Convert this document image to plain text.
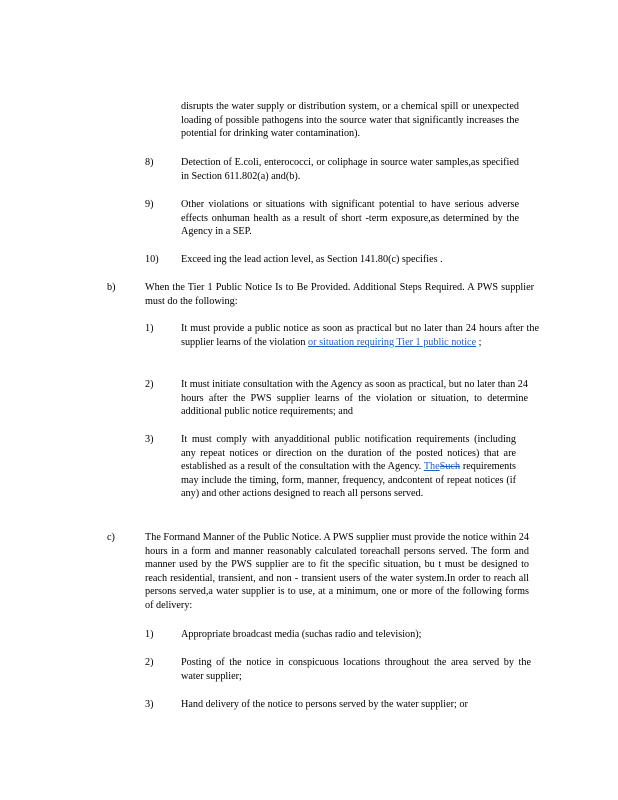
disrupts the water supply or distribution system, or a chemical spill or unexpected loading of possible pathogens into the source water that significantly increases the potential for drinking water contamination).
8)	Detection of E.coli, enterococci, or coliphage in source water samples,as specified in Section 611.802(a) and(b).
9)	Other violations or situations with significant potential to have serious adverse effects onhuman health as a result of short -term exposure,as determined by the Agency in a SEP.
10) Exceed ing the lead action level, as Section 141.80(c) specifies .
b)	When the Tier 1 Public Notice Is to Be Provided. Additional Steps Required. A PWS supplier must do the following:
1)	It must provide a public notice as soon as practical but no later than 24 hours after the supplier learns of the violation or situation requiring Tier 1 public notice ;
2)	It must initiate consultation with the Agency as soon as practical, but no later than 24 hours after the PWS supplier learns of the violation or situation, to determine additional public notice requirements; and
3)	It must comply with anyadditional public notification requirements (including any repeat notices or direction on the duration of the posted notices) that are established as a result of the consultation with the Agency. TheSuch requirements may include the timing, form, manner, frequency, andcontent of repeat notices (if any) and other actions designed to reach all persons served.
c)	The Formand Manner of the Public Notice. A PWS supplier must provide the notice within 24 hours in a form and manner reasonably calculated toreachall persons served. The form and manner used by the PWS supplier are to fit the specific situation, bu t must be designed to reach residential, transient, and non - transient users of the water system.In order to reach all persons served,a water supplier is to use, at a minimum, one or more of the following forms of delivery:
1)	Appropriate broadcast media (suchas radio and television);
2)	Posting of the notice in conspicuous locations throughout the area served by the water supplier;
3)	Hand delivery of the notice to persons served by the water supplier; or
